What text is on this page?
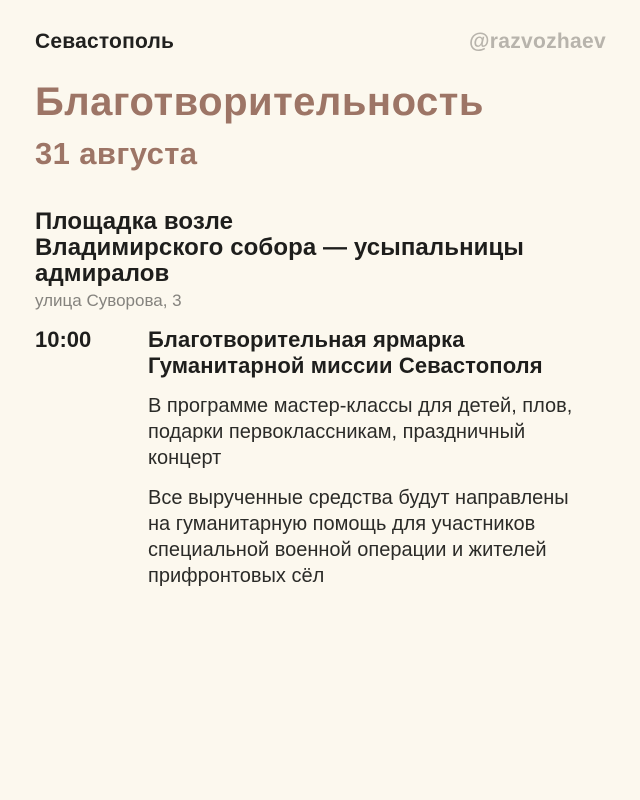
Севастополь	@razvozhaev
Благотворительность
31 августа
Площадка возле
Владимирского собора — усыпальницы
адмиралов
улица Суворова, 3
10:00	Благотворительная ярмарка
Гуманитарной миссии Севастополя
В программе мастер-классы для детей, плов,
подарки первоклассникам, праздничный
концерт
Все вырученные средства будут направлены
на гуманитарную помощь для участников
специальной военной операции и жителей
прифронтовых сёл
